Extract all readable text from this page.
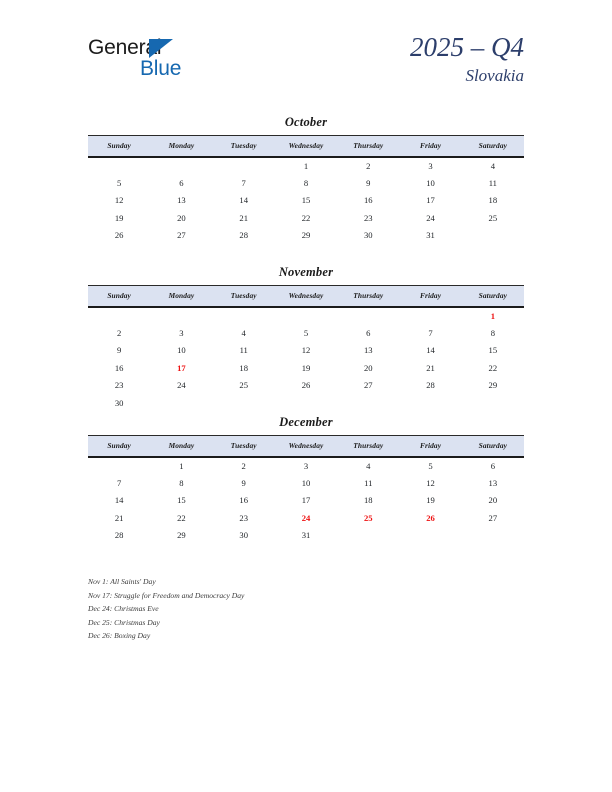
General
Blue
2025 – Q4
Slovakia
October
Sunday	Monday	Tuesday	Wednesday	Thursday	Friday	Saturday
			1	2	3	4
5	6	7	8	9	10	11
12	13	14	15	16	17	18
19	20	21	22	23	24	25
26	27	28	29	30	31	
November
Sunday	Monday	Tuesday	Wednesday	Thursday	Friday	Saturday
						1
2	3	4	5	6	7	8
9	10	11	12	13	14	15
16	17	18	19	20	21	22
23	24	25	26	27	28	29
30						
December
Sunday	Monday	Tuesday	Wednesday	Thursday	Friday	Saturday
	1	2	3	4	5	6
7	8	9	10	11	12	13
14	15	16	17	18	19	20
21	22	23	24	25	26	27
28	29	30	31			
Nov 1: All Saints' Day
Nov 17: Struggle for Freedom and Democracy Day
Dec 24: Christmas Eve
Dec 25: Christmas Day
Dec 26: Boxing Day
